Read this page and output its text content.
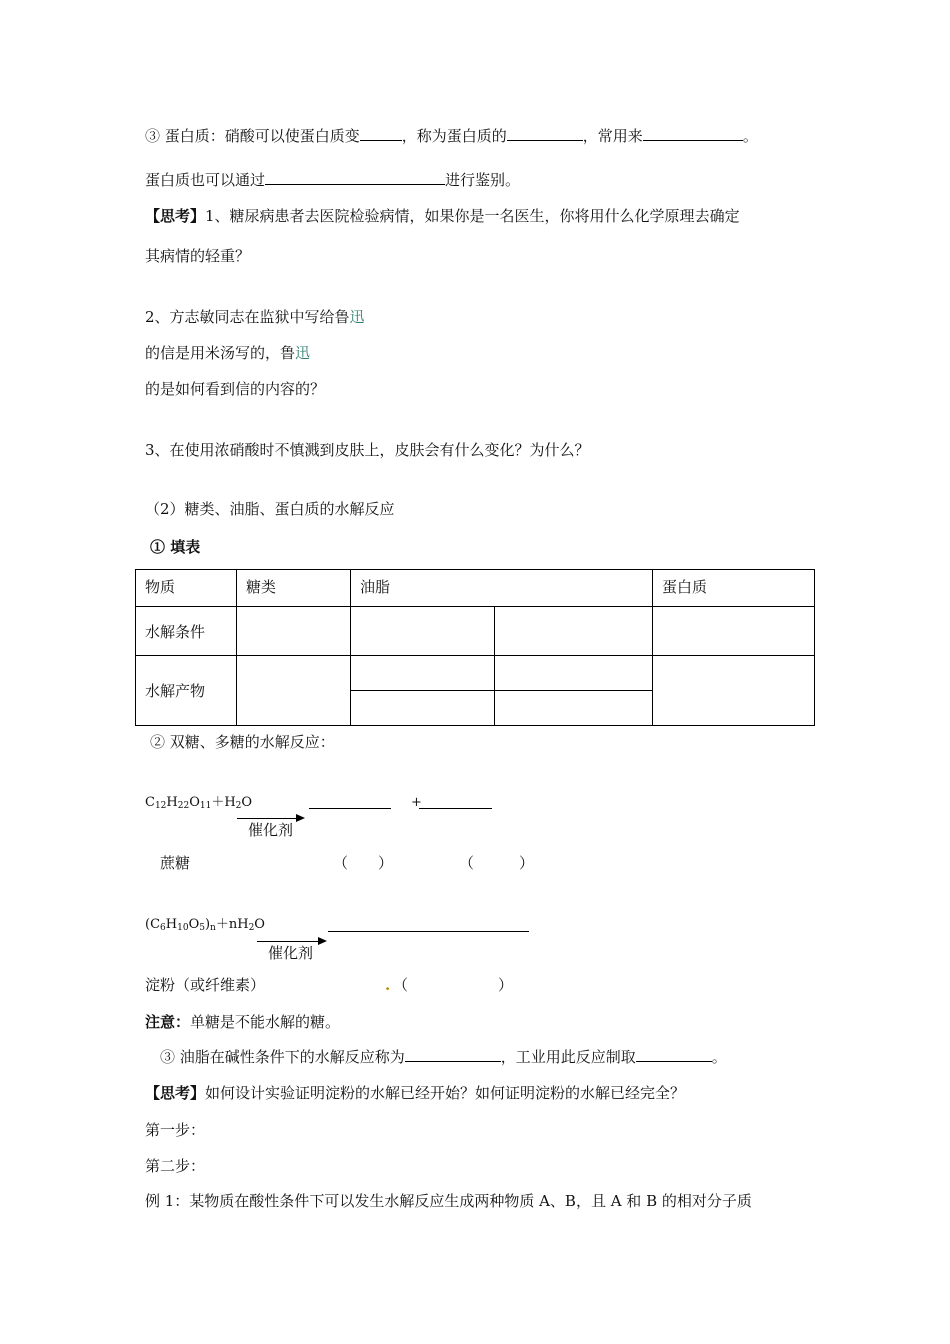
③ 蛋白质：硝酸可以使蛋白质变	，称为蛋白质的	，常用来	。
蛋白质也可以通过	进行鉴别。
【思考】1、糖尿病患者去医院检验病情，如果你是一名医生，你将用什么化学原理去确定
其病情的轻重？
2、方志敏同志在监狱中写给鲁迅
的信是用米汤写的，鲁迅
的是如何看到信的内容的？
3、在使用浓硝酸时不慎溅到皮肤上，皮肤会有什么变化？为什么？
（2）糖类、油脂、蛋白质的水解反应
① 填表
物质	糖类	油脂		蛋白质
水解条件				
水解产物				

② 双糖、多糖的水解反应：
$C_{12}H_{22}O_{11}+H_2O$	+
催化剂
蔗糖	（　　）	（　　　）
$(C_6H_{10}O_5)_n+nH_2O$
催化剂
淀粉（或纤维素）	. （　　　　　　）
注意：单糖是不能水解的糖。
③ 油脂在碱性条件下的水解反应称为	，工业用此反应制取	。
【思考】如何设计实验证明淀粉的水解已经开始？如何证明淀粉的水解已经完全？
第一步：
第二步：
例 1：某物质在酸性条件下可以发生水解反应生成两种物质 A、B，且 A 和 B 的相对分子质
